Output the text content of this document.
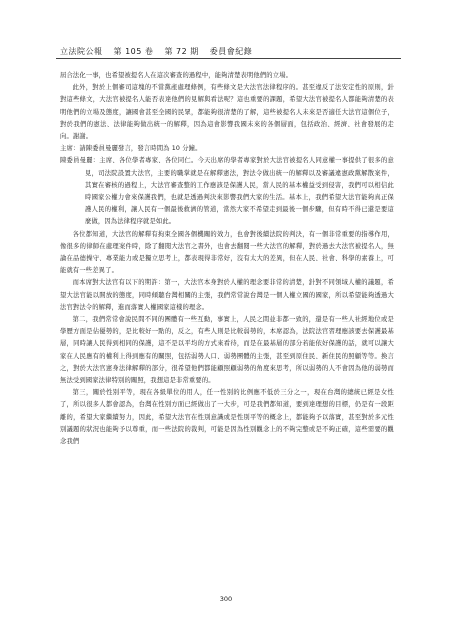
立法院公報 第 105 卷 第 72 期 委員會紀錄

屆合法化一事，也希望被提名人在這次審查的過程中，能夠清楚表明他們的立場。

此外，對於上個審司這塊的不當黨產處理條例，有些條文是大法官法律程序的。甚至違反了法安定性的原則，針對這些條文，大法官被提名人能否表達他們的見解與看法呢？這也重要的課題，希望大法官被提名人都能夠清楚的表明他們的立場及態度，讓國會甚至全國的民眾，都能夠很清楚的了解，這些被提名人未來是否適任大法官這個位子，對於我們的憲法、法律能夠做出統一的解釋，因為這會影響我國未來的各個層面，包括政治、經濟、社會發展的走向。謝謝。

主席：請陳委員曼麗發言，發言時間為 10 分鐘。

陳委員曼麗：主席、各位學者專家、各位同仁。今天出席的學者專家對於大法官被提名人同意權一事提供了很多的意見，司法院設置大法官，主要的職掌就是在解釋憲法，對法令做出統一的解釋以及審議違憲政黨解散案件，其實在審核的過程上，大法官審查整的工作應該是保護人民，當人民的基本權益受到侵害，我們可以相信此時國家公權力會來保護我們，也就是透過判決來影響我們大家的生活。基本上，我們希望大法官能夠真正保護人民的權利，讓人民有一個最後救濟的管道，當然大家不希望走到最後一個步驟，但有時不得已還是要這麼做，因為法律程序就是如此。

各位都知道，大法官的解釋有拘束全國各個機關的效力，也會對後續法院的判決，有一個非常重要的指導作用，像很多的律師在處理案件時，除了翻閱大法官之書外，也會去翻閱一些大法官的解釋，對於過去大法官被提名人，無論在品德操守、專業能力或是獨立思考上，都表現得非常好，沒有太大的差異，但在人民、社會、科學的素養上，可能就有一些差異了。

而本席對大法官有以下的期許：第一，大法官本身對於人權的理念要非常的清楚，針對不同領域人權的議題，希望大法官能以開放的態度，同時傾聽台灣相關的主張，我們常常說台灣是一個人權立國的國家，所以希望能夠透過大法官對法令的解釋，進而落實人權國家這樣的理念。

第二，我們常常會說民間不同的團體有一些互動，事實上，人民之間並非都一致的，還是有一些人社經地位或是學歷方面是佔優勢的，是比較好一點的，反之，有些人則是比較弱勢的，本席認為，法院法官習理應該要去保護最基層，同時讓人民得到相同的保護，這不是以平均的方式來看待，而是在最基層的部分若能依好保護的話，就可以讓大家在人民應有的權利上得到應有的關照，包括弱勢人口、弱勢團體的主張，甚至到原住民、新住民的照顧等等。換言之，對於大法官憲身法律解釋的部分，很希望他們都能顧照顧弱勢的角度來思考，所以弱勢的人不會因為他的弱勢而無法受到國家法律特別的關照，我想這是非常重要的。

第三，關於性別平等，現在各級單位的用人，任一性別的比例應不低於三分之一，現在台灣的總統已經是女性了，所以很多人都會認為，台灣在性別方面已經做出了一大步，可是我們都知道，要到達理想的目標，仍是有一段距離的，希望大家繼續努力，因此，希望大法官在性別意識或是性別平等的概念上，都能夠予以落實，甚至對於多元性別議題的狀況也能夠予以尊重，而一些法院的裁判，可能是因為性別觀念上的不夠完整或是不夠正確，這些需要的觀念我們

300
